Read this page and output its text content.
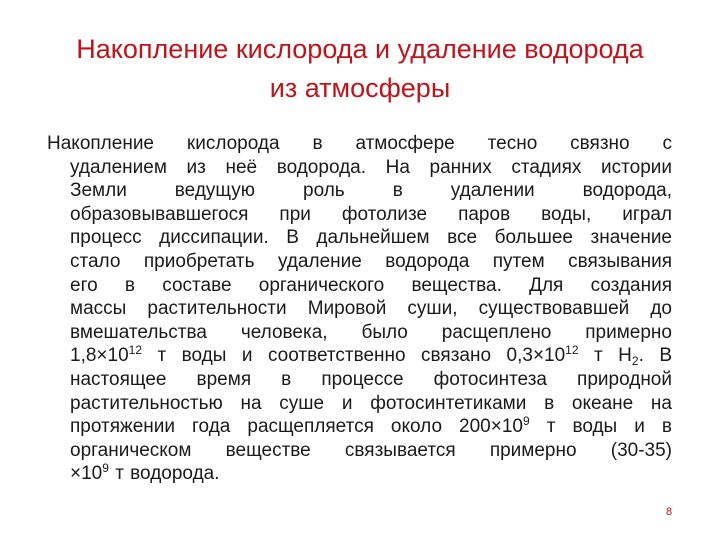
Накопление кислорода и удаление водорода
из атмосферы
Накопление кислорода в атмосфере тесно связно с
удалением из неё водорода. На ранних стадиях истории
Земли ведущую роль в удалении водорода,
образовывавшегося при фотолизе паров воды, играл
процесс диссипации. В дальнейшем все большее значение
стало приобретать удаление водорода путем связывания
его в составе органического вещества. Для создания
массы растительности Мировой суши, существовавшей до
вмешательства человека, было расщеплено примерно
$1,8\times 10^{12}$ т воды и соответственно связано $0,3\times 10^{12}$ т $Н_2$. В
настоящее время в процессе фотосинтеза природной
растительностью на суше и фотосинтетиками в океане на
протяжении года расщепляется около $200\times 10^9$ т воды и в
органическом веществе связывается примерно (30-35)
$\times 10^9$ т водорода.
8
